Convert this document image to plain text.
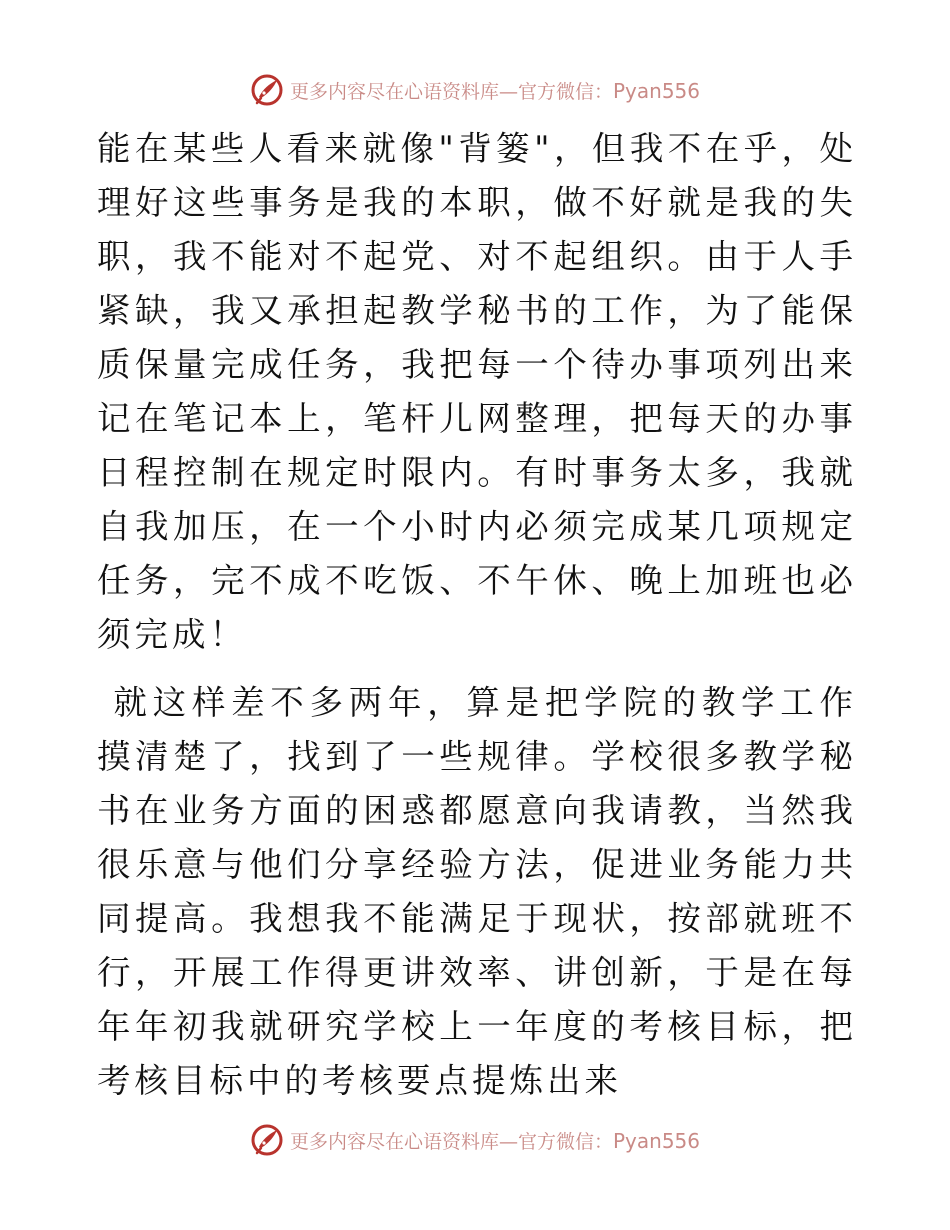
更多内容尽在心语资料库—官方微信：Pyan556

能在某些人看来就像"背篓"，但我不在乎，处理好这些事务是我的本职，做不好就是我的失职，我不能对不起党、对不起组织。由于人手紧缺，我又承担起教学秘书的工作，为了能保质保量完成任务，我把每一个待办事项列出来记在笔记本上，笔杆儿网整理，把每天的办事日程控制在规定时限内。有时事务太多，我就自我加压，在一个小时内必须完成某几项规定任务，完不成不吃饭、不午休、晚上加班也必须完成！

就这样差不多两年，算是把学院的教学工作摸清楚了，找到了一些规律。学校很多教学秘书在业务方面的困惑都愿意向我请教，当然我很乐意与他们分享经验方法，促进业务能力共同提高。我想我不能满足于现状，按部就班不行，开展工作得更讲效率、讲创新，于是在每年年初我就研究学校上一年度的考核目标，把考核目标中的考核要点提炼出来

更多内容尽在心语资料库—官方微信：Pyan556
